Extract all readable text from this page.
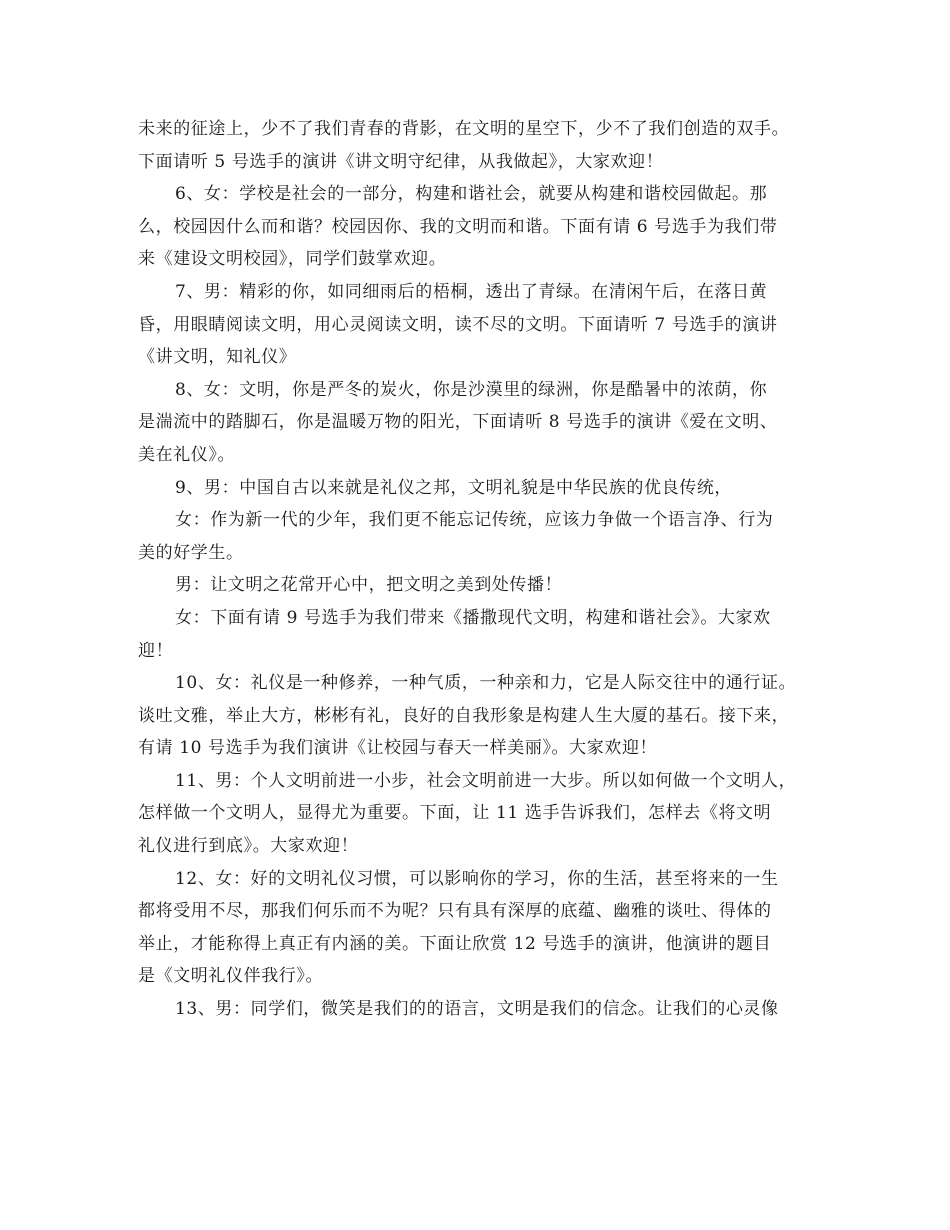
未来的征途上，少不了我们青春的背影，在文明的星空下，少不了我们创造的双手。
下面请听 5 号选手的演讲《讲文明守纪律，从我做起》，大家欢迎！
6、女：学校是社会的一部分，构建和谐社会，就要从构建和谐校园做起。那
么，校园因什么而和谐？校园因你、我的文明而和谐。下面有请 6 号选手为我们带
来《建设文明校园》，同学们鼓掌欢迎。
7、男：精彩的你，如同细雨后的梧桐，透出了青绿。在清闲午后，在落日黄
昏，用眼睛阅读文明，用心灵阅读文明，读不尽的文明。下面请听 7 号选手的演讲
《讲文明，知礼仪》
8、女：文明，你是严冬的炭火，你是沙漠里的绿洲，你是酷暑中的浓荫，你
是湍流中的踏脚石，你是温暖万物的阳光，下面请听 8 号选手的演讲《爱在文明、
美在礼仪》。
9、男：中国自古以来就是礼仪之邦，文明礼貌是中华民族的优良传统，
女：作为新一代的少年，我们更不能忘记传统，应该力争做一个语言净、行为
美的好学生。
男：让文明之花常开心中，把文明之美到处传播！
女：下面有请 9 号选手为我们带来《播撒现代文明，构建和谐社会》。大家欢
迎！
10、女：礼仪是一种修养，一种气质，一种亲和力，它是人际交往中的通行证。
谈吐文雅，举止大方，彬彬有礼，良好的自我形象是构建人生大厦的基石。接下来，
有请 10 号选手为我们演讲《让校园与春天一样美丽》。大家欢迎！
11、男：个人文明前进一小步，社会文明前进一大步。所以如何做一个文明人，
怎样做一个文明人，显得尤为重要。下面，让 11 选手告诉我们，怎样去《将文明
礼仪进行到底》。大家欢迎！
12、女：好的文明礼仪习惯，可以影响你的学习，你的生活，甚至将来的一生
都将受用不尽，那我们何乐而不为呢？只有具有深厚的底蕴、幽雅的谈吐、得体的
举止，才能称得上真正有内涵的美。下面让欣赏 12 号选手的演讲，他演讲的题目
是《文明礼仪伴我行》。
13、男：同学们，微笑是我们的的语言，文明是我们的信念。让我们的心灵像
